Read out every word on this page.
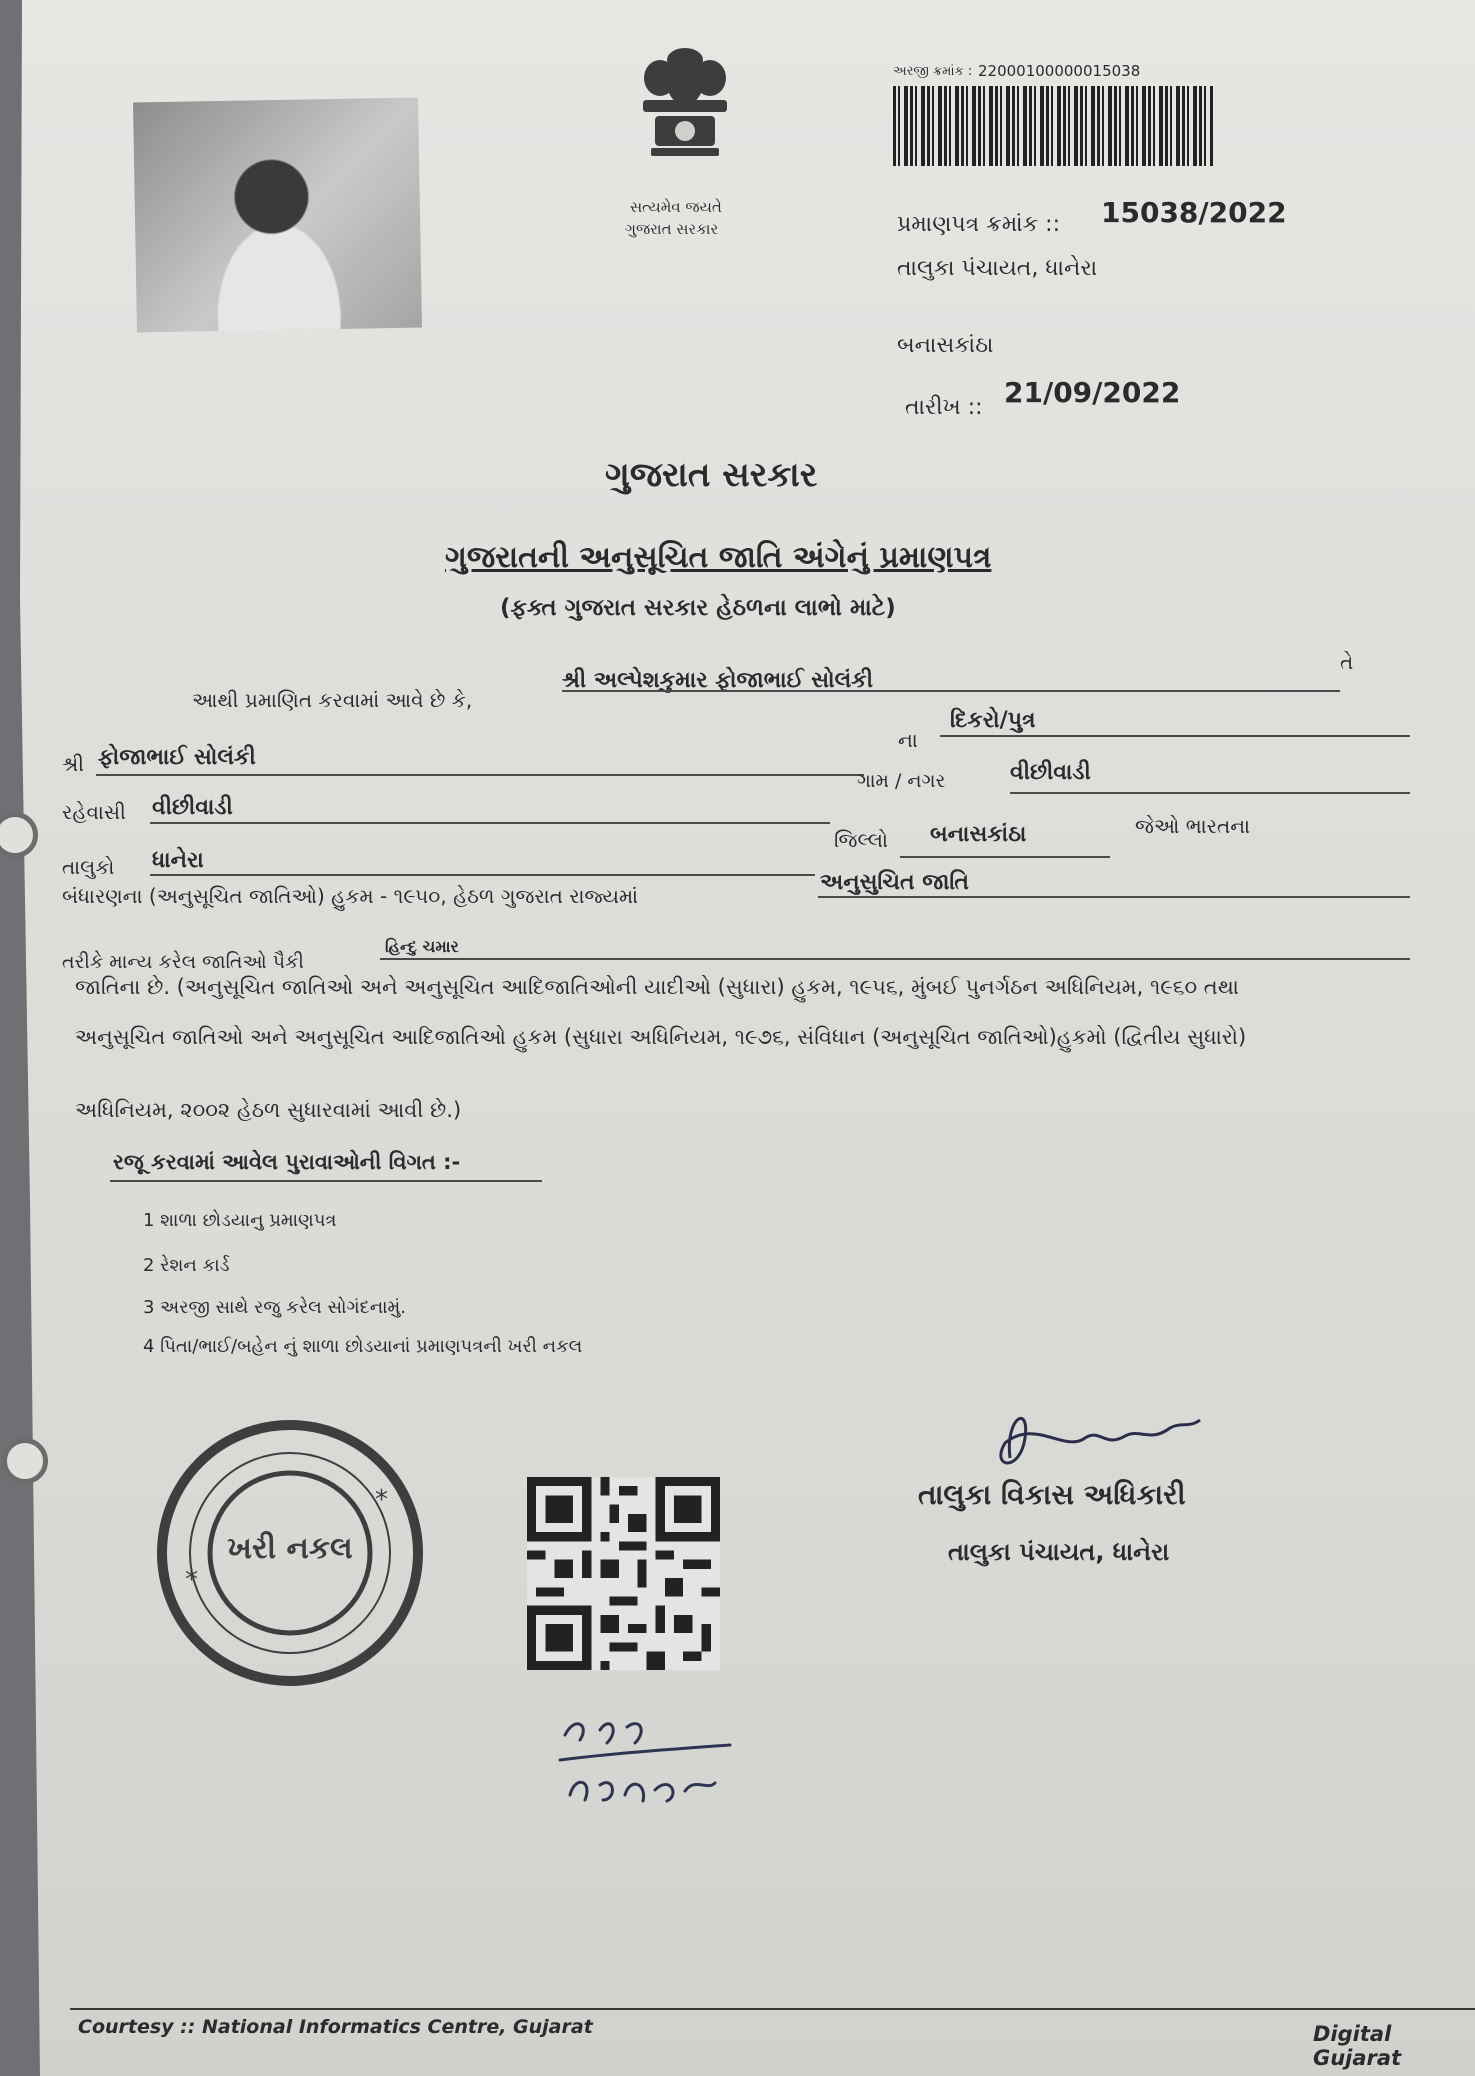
સત્યમેવ જયતે
ગુજરાત સરકાર
અરજી ક્રમાંક : 22000100000015038
પ્રમાણપત્ર ક્રમાંક :: 15038/2022
તાલુકા પંચાયત, ધાનેરા
બનાસકાંઠા
તારીખ :: 21/09/2022
ગુજરાત સરકાર
ગુજરાતની અનુસૂચિત જાતિ અંગેનું પ્રમાણપત્ર
(ફક્ત ગુજરાત સરકાર હેઠળના લાભો માટે)
આથી પ્રમાણિત કરવામાં આવે છે કે,
શ્રી અલ્પેશકુમાર ફોજાભાઈ સોલંકી
તે
શ્રી ફોજાભાઈ સોલંકી
ના
દિકરો/પુત્ર
રહેવાસી વીછીવાડી
ગામ / નગર	વીછીવાડી
તાલુકો ધાનેરા
જિલ્લો બનાસકાંઠા	જેઓ ભારતના
બંધારણના (અનુસૂચિત જાતિઓ) હુકમ - ૧૯૫૦, હેઠળ ગુજરાત રાજ્યમાં
અનુસુચિત જાતિ
તરીકે માન્ય કરેલ જાતિઓ પૈકી
હિન્દુ ચમાર
જાતિના છે. (અનુસૂચિત જાતિઓ અને અનુસૂચિત આદિજાતિઓની યાદીઓ (સુધારા) હુકમ, ૧૯૫૬, મુંબઈ પુનર્ગઠન અધિનિયમ, ૧૯૬૦ તથા
અનુસૂચિત જાતિઓ અને અનુસૂચિત આદિજાતિઓ હુકમ (સુધારા અધિનિયમ, ૧૯૭૬, સંવિધાન (અનુસૂચિત જાતિઓ)હુકમો (દ્વિતીય સુધારો)
અધિનિયમ, ૨૦૦૨ હેઠળ સુધારવામાં આવી છે.)
રજૂ કરવામાં આવેલ પુરાવાઓની વિગત :-
1 શાળા છોડયાનુ પ્રમાણપત્ર
2 રેશન કાર્ડ
3 અરજી સાથે રજુ કરેલ સોગંદનામું.
4 પિતા/ભાઈ/બહેન નું શાળા છોડયાનાં પ્રમાણપત્રની ખરી નકલ
ખરી નકલ
*
*	તાલુકા વિકાસ અધિકારી
તાલુકા પંચાયત, ધાનેરા
Courtesy :: National Informatics Centre, Gujarat	Digital Gujarat
